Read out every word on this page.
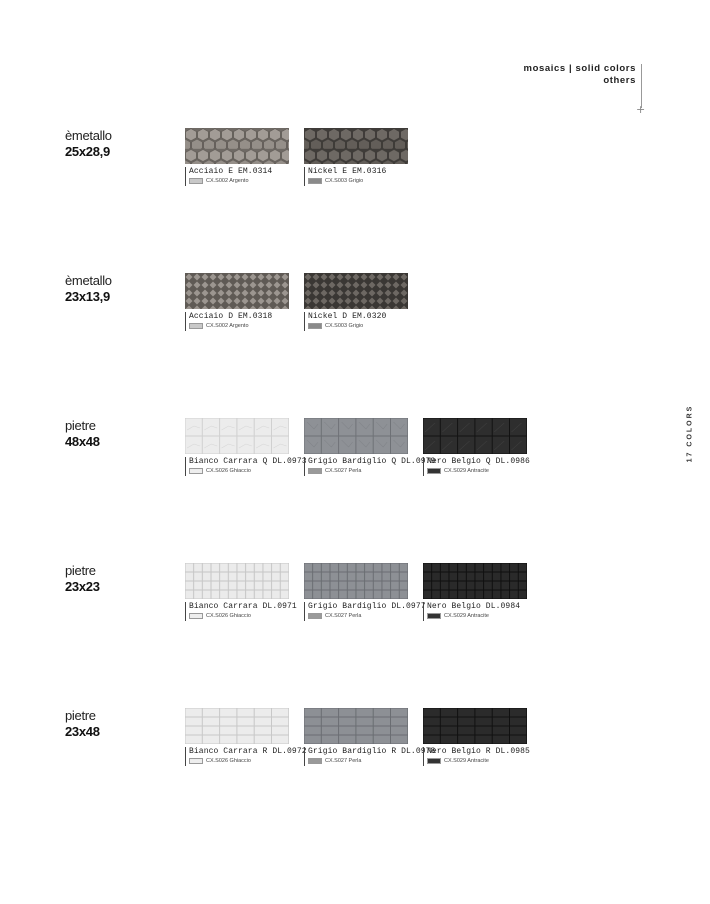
mosaics | solid colors
others
+
17 COLORS
èmetallo
25x28,9
Acciaio E EM.0314
CX.S002 Argento
Nickel E EM.0316
CX.S003 Grigio
èmetallo
23x13,9
Acciaio D EM.0318
CX.S002 Argento
Nickel D EM.0320
CX.S003 Grigio
pietre
48x48
Bianco Carrara Q DL.0973
CX.S026 Ghiaccio
Grigio Bardiglio Q DL.0979
CX.S027 Perla
Nero Belgio Q DL.0986
CX.S029 Antracite
pietre
23x23
Bianco Carrara DL.0971
CX.S026 Ghiaccio
Grigio Bardiglio DL.0977
CX.S027 Perla
Nero Belgio DL.0984
CX.S029 Antracite
pietre
23x48
Bianco Carrara R DL.0972
CX.S026 Ghiaccio
Grigio Bardiglio R DL.0978
CX.S027 Perla
Nero Belgio R DL.0985
CX.S029 Antracite
